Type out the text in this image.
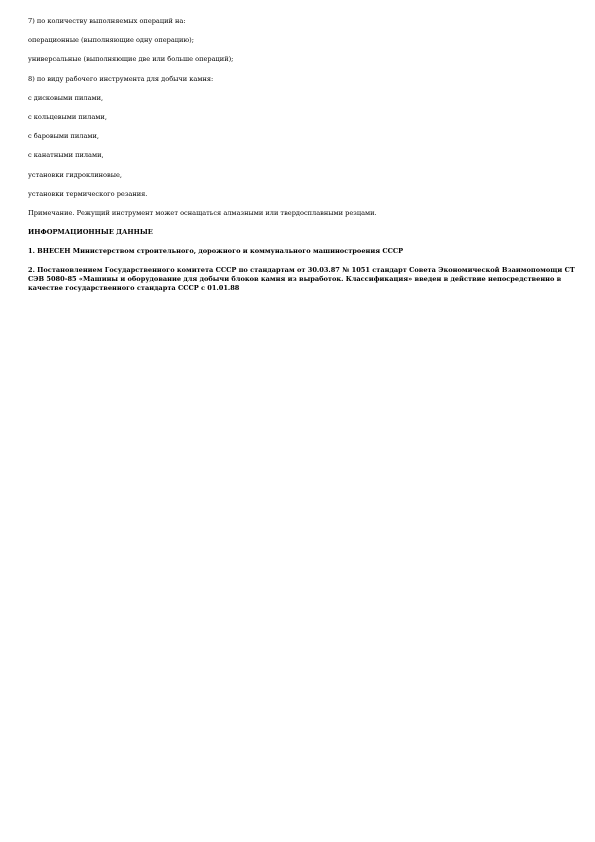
7) по количеству выполняемых операций на:

операционные (выполняющие одну операцию);

универсальные (выполняющие две или больше операций);

8) по виду рабочего инструмента для добычи камня:

с дисковыми пилами,

с кольцевыми пилами,

с баровыми пилами,

с канатными пилами,

установки гидроклиновые,

установки термического резания.

Примечание. Режущий инструмент может оснащаться алмазными или твердосплавными резцами.

ИНФОРМАЦИОННЫЕ ДАННЫЕ

1. ВНЕСЕН Министерством строительного, дорожного и коммунального машиностроения СССР

2. Постановлением Государственного комитета СССР по стандартам от 30.03.87 № 1051 стандарт Совета Экономической Взаимопомощи СТ СЭВ 5080-85 «Машины и оборудование для добычи блоков камня из выработок. Классификация» введен в действие непосредственно в качестве государственного стандарта СССР с 01.01.88
